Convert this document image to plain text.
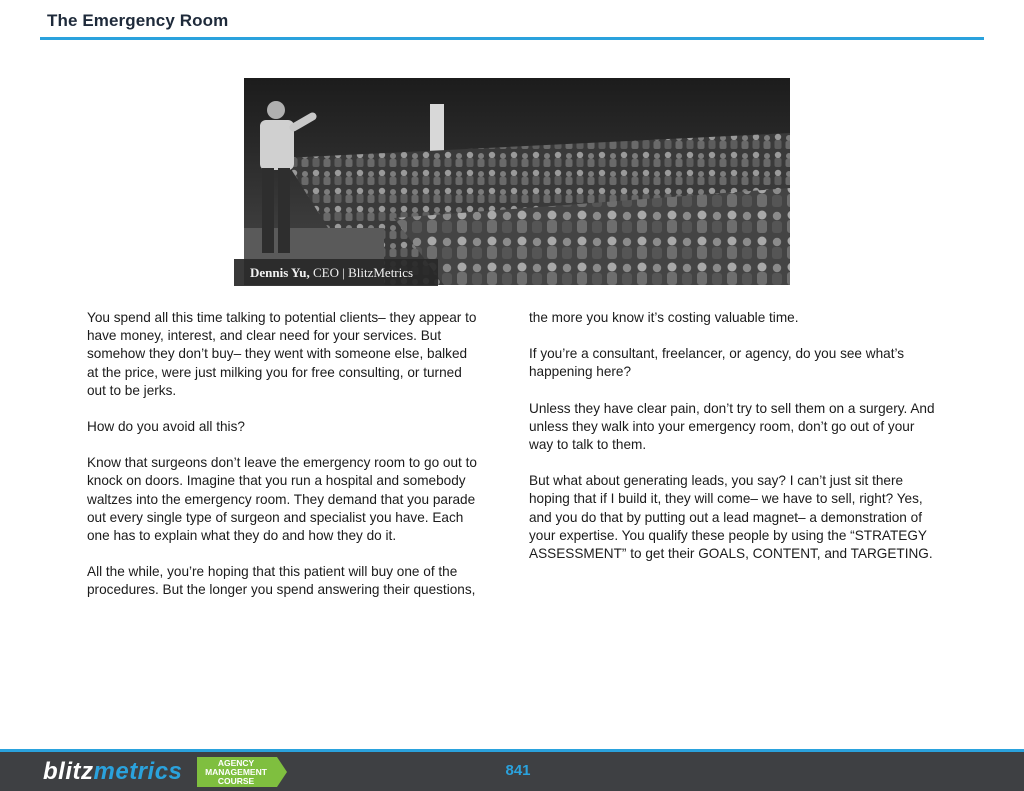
The Emergency Room
Dennis Yu, CEO | BlitzMetrics

You spend all this time talking to potential clients– they appear to have money, interest, and clear need for your services. But somehow they don’t buy– they went with someone else, balked at the price, were just milking you for free consulting, or turned out to be jerks.

How do you avoid all this?

Know that surgeons don’t leave the emergency room to go out to knock on doors. Imagine that you run a hospital and somebody waltzes into the emergency room. They demand that you parade out every single type of surgeon and specialist you have. Each one has to explain what they do and how they do it.

All the while, you’re hoping that this patient will buy one of the procedures. But the longer you spend answering their questions,

the more you know it’s costing valuable time.

If you’re a consultant, freelancer, or agency, do you see what’s happening here?

Unless they have clear pain, don’t try to sell them on a surgery. And unless they walk into your emergency room, don’t go out of your way to talk to them.

But what about generating leads, you say? I can’t just sit there hoping that if I build it, they will come– we have to sell, right? Yes, and you do that by putting out a lead magnet– a demonstration of your expertise. You qualify these people by using the “STRATEGY ASSESSMENT” to get their GOALS, CONTENT, and TARGETING.

blitzmetrics	AGENCY
MANAGEMENT
COURSE
841
